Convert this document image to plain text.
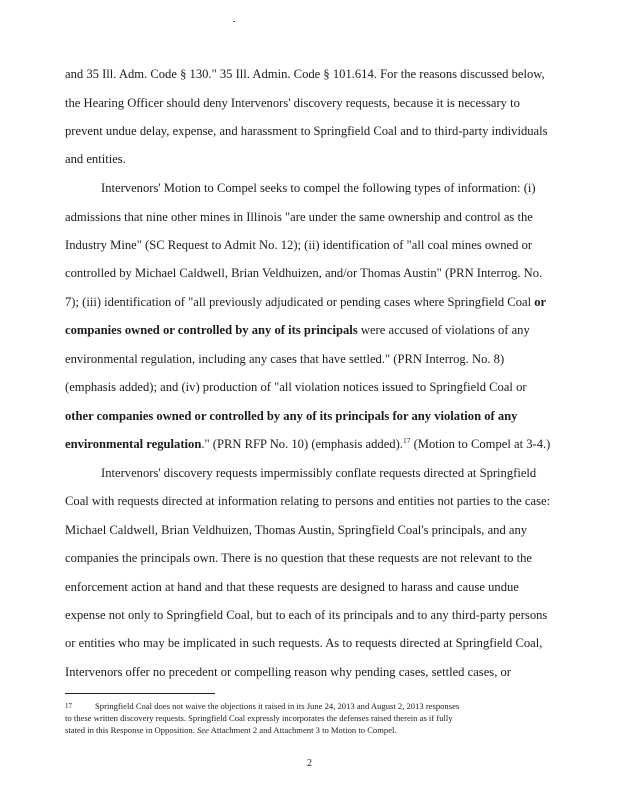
and 35 Ill. Adm. Code § 130." 35 Ill. Admin. Code § 101.614. For the reasons discussed below,
the Hearing Officer should deny Intervenors' discovery requests, because it is necessary to
prevent undue delay, expense, and harassment to Springfield Coal and to third-party individuals
and entities.
Intervenors' Motion to Compel seeks to compel the following types of information: (i)
admissions that nine other mines in Illinois "are under the same ownership and control as the
Industry Mine" (SC Request to Admit No. 12); (ii) identification of "all coal mines owned or
controlled by Michael Caldwell, Brian Veldhuizen, and/or Thomas Austin" (PRN Interrog. No.
7); (iii) identification of "all previously adjudicated or pending cases where Springfield Coal or
companies owned or controlled by any of its principals were accused of violations of any
environmental regulation, including any cases that have settled." (PRN Interrog. No. 8)
(emphasis added); and (iv) production of "all violation notices issued to Springfield Coal or
other companies owned or controlled by any of its principals for any violation of any
environmental regulation." (PRN RFP No. 10) (emphasis added).$^{17}$ (Motion to Compel at 3-4.)
Intervenors' discovery requests impermissibly conflate requests directed at Springfield
Coal with requests directed at information relating to persons and entities not parties to the case:
Michael Caldwell, Brian Veldhuizen, Thomas Austin, Springfield Coal's principals, and any
companies the principals own. There is no question that these requests are not relevant to the
enforcement action at hand and that these requests are designed to harass and cause undue
expense not only to Springfield Coal, but to each of its principals and to any third-party persons
or entities who may be implicated in such requests. As to requests directed at Springfield Coal,
Intervenors offer no precedent or compelling reason why pending cases, settled cases, or
17	Springfield Coal does not waive the objections it raised in its June 24, 2013 and August 2, 2013 responses
to these written discovery requests. Springfield Coal expressly incorporates the defenses raised therein as if fully
stated in this Response in Opposition. See Attachment 2 and Attachment 3 to Motion to Compel.
2
